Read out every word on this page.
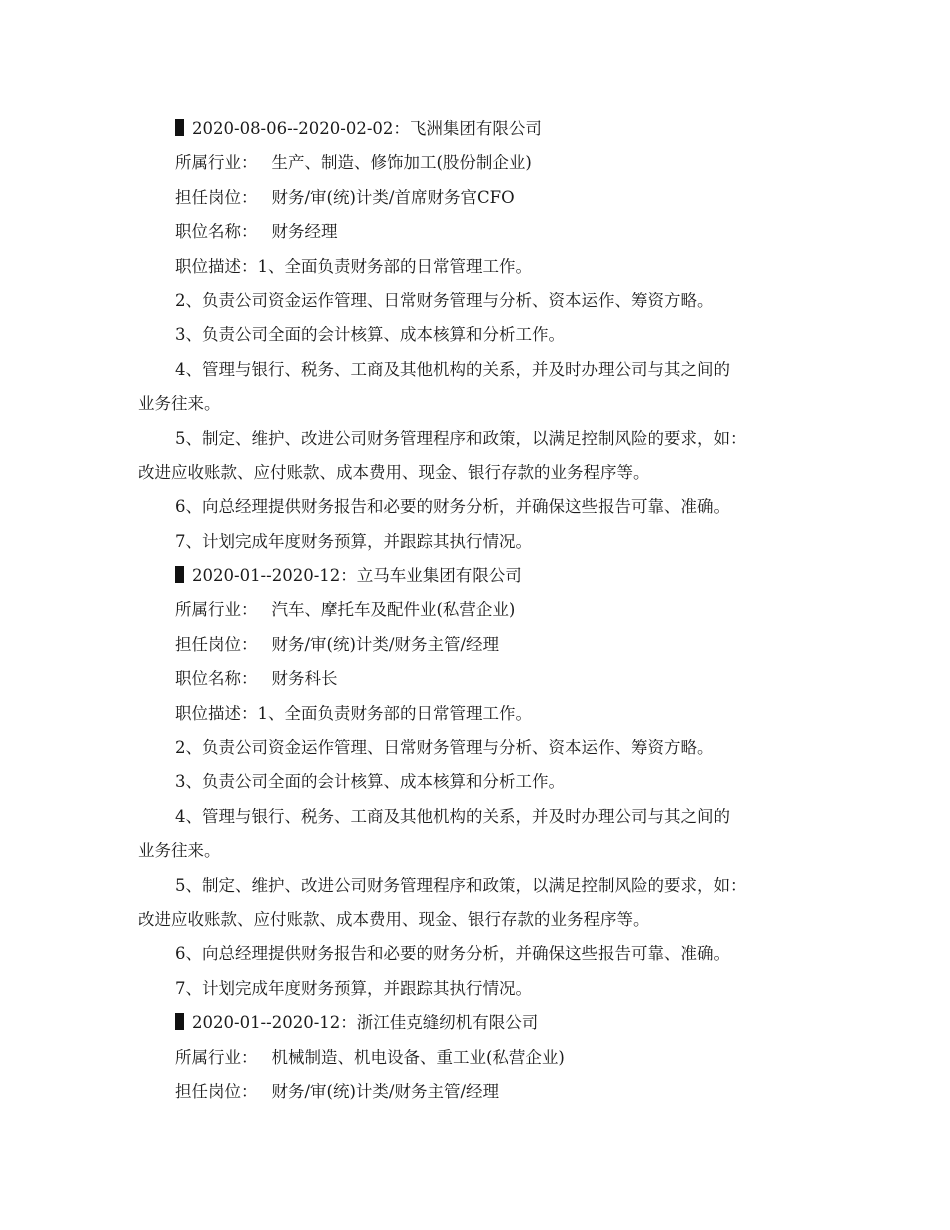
2020-08-06--2020-02-02：飞洲集团有限公司
所属行业： 生产、制造、修饰加工(股份制企业)
担任岗位： 财务/审(统)计类/首席财务官CFO
职位名称： 财务经理
职位描述：1、全面负责财务部的日常管理工作。
2、负责公司资金运作管理、日常财务管理与分析、资本运作、筹资方略。
3、负责公司全面的会计核算、成本核算和分析工作。
4、管理与银行、税务、工商及其他机构的关系，并及时办理公司与其之间的
业务往来。
5、制定、维护、改进公司财务管理程序和政策，以满足控制风险的要求，如：
改进应收账款、应付账款、成本费用、现金、银行存款的业务程序等。
6、向总经理提供财务报告和必要的财务分析，并确保这些报告可靠、准确。
7、计划完成年度财务预算，并跟踪其执行情况。
2020-01--2020-12：立马车业集团有限公司
所属行业： 汽车、摩托车及配件业(私营企业)
担任岗位： 财务/审(统)计类/财务主管/经理
职位名称： 财务科长
职位描述：1、全面负责财务部的日常管理工作。
2、负责公司资金运作管理、日常财务管理与分析、资本运作、筹资方略。
3、负责公司全面的会计核算、成本核算和分析工作。
4、管理与银行、税务、工商及其他机构的关系，并及时办理公司与其之间的
业务往来。
5、制定、维护、改进公司财务管理程序和政策，以满足控制风险的要求，如：
改进应收账款、应付账款、成本费用、现金、银行存款的业务程序等。
6、向总经理提供财务报告和必要的财务分析，并确保这些报告可靠、准确。
7、计划完成年度财务预算，并跟踪其执行情况。
2020-01--2020-12：浙江佳克缝纫机有限公司
所属行业： 机械制造、机电设备、重工业(私营企业)
担任岗位： 财务/审(统)计类/财务主管/经理
